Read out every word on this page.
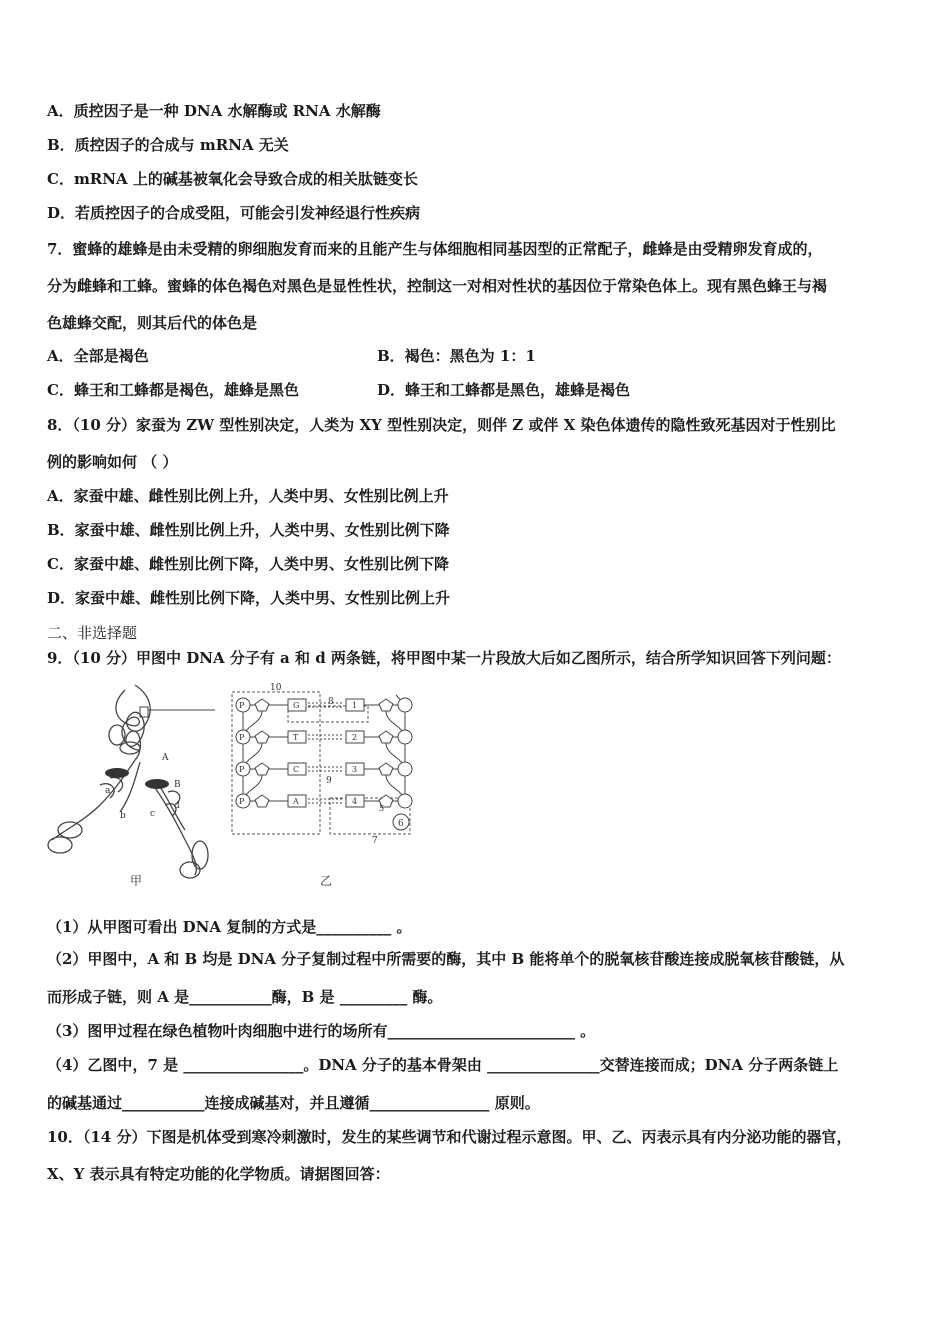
A．质控因子是一种 DNA 水解酶或 RNA 水解酶
B．质控因子的合成与 mRNA 无关
C．mRNA 上的碱基被氧化会导致合成的相关肽链变长
D．若质控因子的合成受阻，可能会引发神经退行性疾病
7．蜜蜂的雄蜂是由未受精的卵细胞发育而来的且能产生与体细胞相同基因型的正常配子，雌蜂是由受精卵发育成的，
分为雌蜂和工蜂。蜜蜂的体色褐色对黑色是显性性状，控制这一对相对性状的基因位于常染色体上。现有黑色蜂王与褐
色雄蜂交配，则其后代的体色是
A．全部是褐色	B．褐色：黑色为 1：1
C．蜂王和工蜂都是褐色，雄蜂是黑色	D．蜂王和工蜂都是黑色，雄蜂是褐色
8．（10 分）家蚕为 ZW 型性别决定，人类为 XY 型性别决定，则伴 Z 或伴 X 染色体遗传的隐性致死基因对于性别比
例的影响如何 （ ）
A．家蚕中雄、雌性别比例上升，人类中男、女性别比例上升
B．家蚕中雄、雌性别比例上升，人类中男、女性别比例下降
C．家蚕中雄、雌性别比例下降，人类中男、女性别比例下降
D．家蚕中雄、雌性别比例下降，人类中男、女性别比例上升
二、非选择题
9．（10 分）甲图中 DNA 分子有 a 和 d 两条链，将甲图中某一片段放大后如乙图所示，结合所学知识回答下列问题：
A
B
a
b	c
d
10
8
7
P	G	1
P	T	2
P	C	3
P	A	4
5
9
6
甲	乙
（1）从甲图可看出 DNA 复制的方式是__________ 。
（2）甲图中，A 和 B 均是 DNA 分子复制过程中所需要的酶，其中 B 能将单个的脱氧核苷酸连接成脱氧核苷酸链，从
而形成子链，则 A 是___________酶，B 是 _________ 酶。
（3）图甲过程在绿色植物叶肉细胞中进行的场所有_________________________ 。
（4）乙图中，7 是 ________________。DNA 分子的基本骨架由 _______________交替连接而成；DNA 分子两条链上
的碱基通过___________连接成碱基对，并且遵循________________ 原则。
10．（14 分）下图是机体受到寒冷刺激时，发生的某些调节和代谢过程示意图。甲、乙、丙表示具有内分泌功能的器官，
X、Y 表示具有特定功能的化学物质。请据图回答：
